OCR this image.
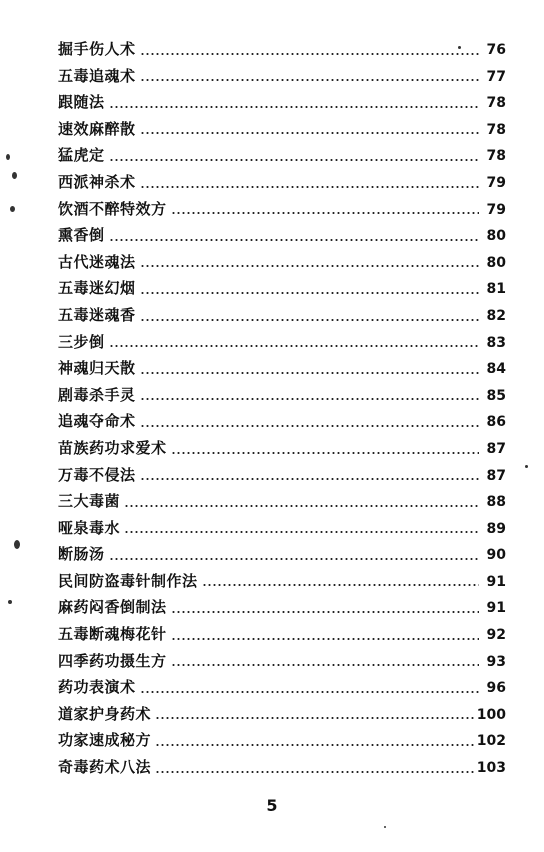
掘手伤人术	76
五毒追魂术	77
跟随法	78
速效麻醉散	78
猛虎定	78
西派神杀术	79
饮酒不醉特效方	79
熏香倒	80
古代迷魂法	80
五毒迷幻烟	81
五毒迷魂香	82
三步倒	83
神魂归天散	84
剧毒杀手灵	85
追魂夺命术	86
苗族药功求爱术	87
万毒不侵法	87
三大毒菌	88
哑泉毒水	89
断肠汤	90
民间防盗毒针制作法	91
麻药闷香倒制法	91
五毒断魂梅花针	92
四季药功摄生方	93
药功表演术	96
道家护身药术	100
功家速成秘方	102
奇毒药术八法	103
5
